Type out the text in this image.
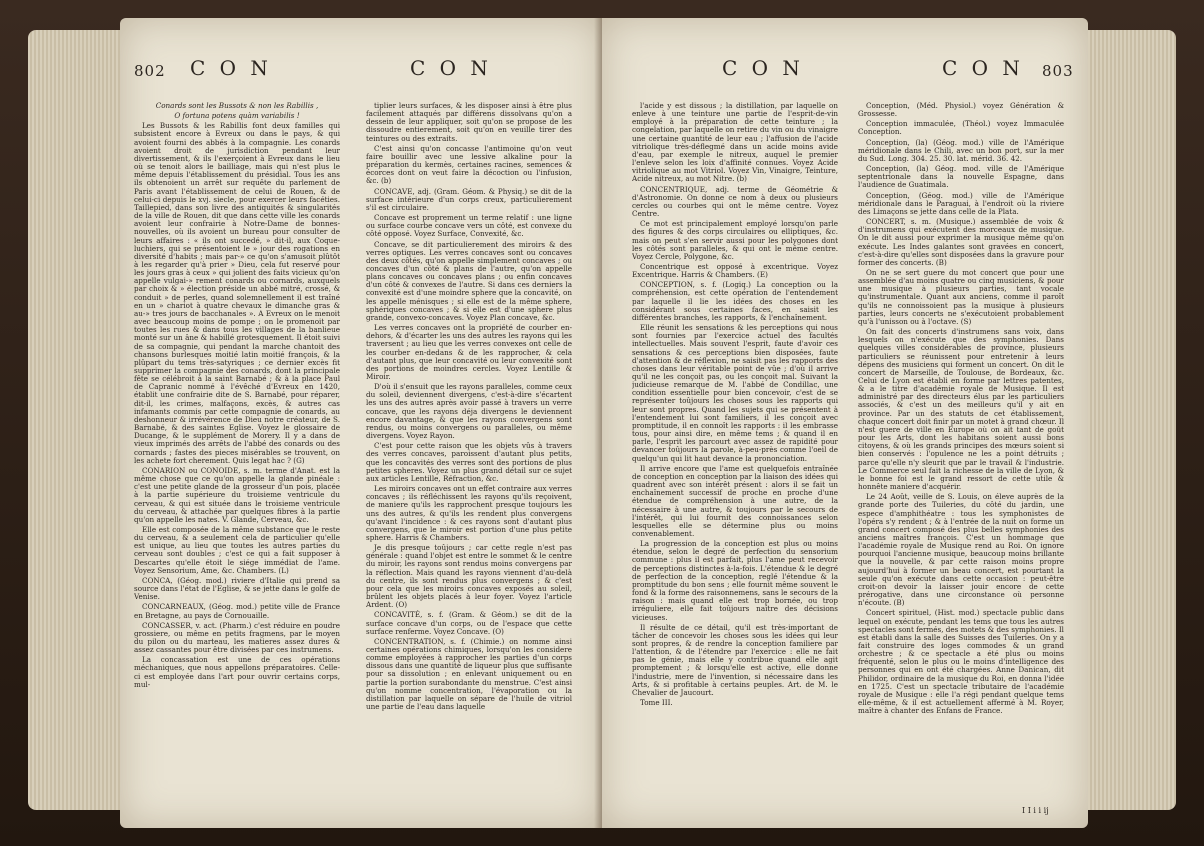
802 C O N	C O N

Conards sont les Bussots & non les Rabillis ,

O fortuna potens quàm variabilis !

Les Bussots & les Rabillis font deux familles qui subsistent encore à Evreux ou dans le pays, & qui avoient fourni des abbés à la compagnie. Les conards avoient droit de jurisdiction pendant leur divertissement, & ils l'exerçoient à Evreux dans le lieu où se tenoit alors le bailliage, mais qui n'est plus le même depuis l'établissement du présidial. Tous les ans ils obtenoient un arrêt sur requête du parlement de Paris avant l'établissement de celui de Rouen, & de celui-ci depuis le xvj. siecle, pour exercer leurs facéties. Taillepied, dans son livre des antiquités & singularités de la ville de Rouen, dit que dans cette ville les conards avoient leur confrairie à Notre-Dame de bonnes-nouvelles, où ils avoient un bureau pour consulter de leurs affaires : « ils ont succedé, » dit-il, aux Coque-luchiers, qui se présentoient le » jour des rogations en diversité d'habits ; mais par-» ce qu'on s'amusoit plûtôt à les regarder qu'à prier » Dieu, cela fut reservé pour les jours gras à ceux » qui jolient des faits vicieux qu'on appelle vulgai-» rement conards ou cornards, auxquels par choix & » élection préside un abbé mitré, crossé, & conduit » de perles, quand solemnellement il est traîné en un » chariot à quatre chevaux le dimanche gras & au-» tres jours de bacchanales ». A Evreux on le menoit avec beaucoup moins de pompe ; on le promenoit par toutes les rues & dans tous les villages de la banlieue monté sur un âne & habillé grotesquement. Il étoit suivi de sa compagnie, qui pendant la marche chantoit des chansons burlesques moitié latin moitié françois, & la plûpart du tems très-satyriques ; ce dernier excès fit supprimer la compagnie des conards, dont la principale fête se célébroit à la saint Barnabé ; & à la place Paul de Capranic nommé à l'évêché d'Evreux en 1420, établit une confrairie dite de S. Barnabé, pour réparer, dit-il, les crimes, malfaçons, excès, & autres cas infamants commis par cette compagnie de conards, au deshonneur & irrévérence de Dieu notre créateur, de S. Barnabé, & des saintes Eglise. Voyez le glossaire de Ducange, & le supplément de Morery. Il y a dans de vieux imprimés des arrêts de l'abbé des conards ou des cornards ; fastes des pieces misérables se trouvent, on les achete fort cherement. Quis legat hac ? (G)

CONARION ou CONOIDE, s. m. terme d'Anat. est la même chose que ce qu'on appelle la glande pinéale : c'est une petite glande de la grosseur d'un pois, placée à la partie supérieure du troisieme ventricule du cerveau, & qui est située dans le troisieme ventricule du cerveau, & attachée par quelques fibres à la partie qu'on appelle les nates. V. Glande, Cerveau, &c.

Elle est composée de la même substance que le reste du cerveau, & a seulement cela de particulier qu'elle est unique, au lieu que toutes les autres parties du cerveau sont doubles ; c'est ce qui a fait supposer à Descartes qu'elle étoit le siége immédiat de l'ame. Voyez Sensorium, Ame, &c. Chambers. (L)

CONCA, (Géog. mod.) riviere d'Italie qui prend sa source dans l'état de l'Eglise, & se jette dans le golfe de Venise.

CONCARNEAUX, (Géog. mod.) petite ville de France en Bretagne, au pays de Cornouaille.

CONCASSER, v. act. (Pharm.) c'est réduire en poudre grossiere, ou même en petits fragmens, par le moyen du pilon ou du marteau, les matieres assez dures & assez cassantes pour être divisées par ces instrumens.

La concassation est une de ces opérations méchaniques, que nous appellons préparatoires. Celle-ci est employée dans l'art pour ouvrir certains corps, mul-

tiplier leurs surfaces, & les disposer ainsi à être plus facilement attaqués par différens dissolvans qu'on a dessein de leur appliquer, soit qu'on se propose de les dissoudre entierement, soit qu'on en veuille tirer des teintures ou des extraits.

C'est ainsi qu'on concasse l'antimoine qu'on veut faire bouillir avec une lessive alkaline pour la préparation du kermès, certaines racines, semences & écorces dont on veut faire la décoction ou l'infusion, &c. (b)

CONCAVE, adj. (Gram. Géom. & Physiq.) se dit de la surface intérieure d'un corps creux, particulierement s'il est circulaire.

Concave est proprement un terme relatif : une ligne ou surface courbe concave vers un côté, est convexe du côté opposé. Voyez Surface, Convexité, &c.

Concave, se dit particulierement des miroirs & des verres optiques. Les verres concaves sont ou concaves des deux côtés, qu'on appelle simplement concaves ; ou concaves d'un côté & plans de l'autre, qu'on appelle plans concaves ou concaves plans ; ou enfin concaves d'un côté & convexes de l'autre. Si dans ces derniers la convexité est d'une moindre sphere que la concavité, on les appelle ménisques ; si elle est de la même sphere, sphériques concaves ; & si elle est d'une sphere plus grande, convexo-concaves. Voyez Plan concave, &c.

Les verres concaves ont la propriété de courber en-dehors, & d'écarter les uns des autres les rayons qui les traversent ; au lieu que les verres convexes ont celle de les courber en-dedans & de les rapprocher, & cela d'autant plus, que leur concavité ou leur convexité sont des portions de moindres cercles. Voyez Lentille & Miroir.

D'où il s'ensuit que les rayons paralleles, comme ceux du soleil, deviennent divergens, c'est-à-dire s'écartent les uns des autres après avoir passé à travers un verre concave, que les rayons déja divergens le deviennent encore davantage, & que les rayons convergens sont rendus, ou moins convergens ou paralleles, ou même divergens. Voyez Rayon.

C'est pour cette raison que les objets vûs à travers des verres concaves, paroissent d'autant plus petits, que les concavités des verres sont des portions de plus petites spheres. Voyez un plus grand détail sur ce sujet aux articles Lentille, Réfraction, &c.

Les miroirs concaves ont un effet contraire aux verres concaves ; ils réfléchissent les rayons qu'ils reçoivent, de maniere qu'ils les rapprochent presque toujours les uns des autres, & qu'ils les rendent plus convergens qu'avant l'incidence : & ces rayons sont d'autant plus convergens, que le miroir est portion d'une plus petite sphere. Harris & Chambers.

Je dis presque toûjours ; car cette regle n'est pas générale : quand l'objet est entre le sommet & le centre du miroir, les rayons sont rendus moins convergens par la réflection. Mais quand les rayons viennent d'au-delà du centre, ils sont rendus plus convergens ; & c'est pour cela que les miroirs concaves exposés au soleil, brûlent les objets placés à leur foyer. Voyez l'article Ardent. (O)

CONCAVITÉ, s. f. (Gram. & Géom.) se dit de la surface concave d'un corps, ou de l'espace que cette surface renferme. Voyez Concave. (O)

CONCENTRATION, s. f. (Chimie.) on nomme ainsi certaines opérations chimiques, lorsqu'on les considere comme employées à rapprocher les parties d'un corps dissous dans une quantité de liqueur plus que suffisante pour sa dissolution ; en enlevant uniquement ou en partie la portion surabondante du menstrue. C'est ainsi qu'on nomme concentration, l'évaporation ou la distillation par laquelle on sépare de l'huile de vitriol une partie de l'eau dans laquelle

C O N	C O N 803

l'acide y est dissous ; la distillation, par laquelle on enleve à une teinture une partie de l'esprit-de-vin employé à la préparation de cette teinture ; la congelation, par laquelle on retire du vin ou du vinaigre une certaine quantité de leur eau ; l'affusion de l'acide vitriolique très-déflegmé dans un acide moins avide d'eau, par exemple le nitreux, auquel le premier l'enleve selon les loix d'affinité connues. Voyez Acide vitriolique au mot Vitriol. Voyez Vin, Vinaigre, Teinture, Acide nitreux, au mot Nitre. (b)

CONCENTRIQUE, adj. terme de Géométrie & d'Astronomie. On donne ce nom à deux ou plusieurs cercles ou courbes qui ont le même centre. Voyez Centre.

Ce mot est principalement employé lorsqu'on parle des figures & des corps circulaires ou elliptiques, &c. mais on peut s'en servir aussi pour les polygones dont les côtés sont paralleles, & qui ont le même centre. Voyez Cercle, Polygone, &c.

Concentrique est opposé à excentrique. Voyez Excentrique. Harris & Chambers. (E)

CONCEPTION, s. f. (Logiq.) La conception ou la compréhension, est cette opération de l'entendement par laquelle il lie les idées des choses en les considérant sous certaines faces, en saisit les différentes branches, les rapports, & l'enchaînement.

Elle réunit les sensations & les perceptions qui nous sont fournies par l'exercice actuel des facultés intellectuelles. Mais souvent l'esprit, faute d'avoir ces sensations & ces perceptions bien disposées, faute d'attention & de réflexion, ne saisit pas les rapports des choses dans leur véritable point de vûe ; d'où il arrive qu'il ne les conçoit pas, ou les conçoit mal. Suivant la judicieuse remarque de M. l'abbé de Condillac, une condition essentielle pour bien concevoir, c'est de se représenter toûjours les choses sous les rapports qui leur sont propres. Quand les sujets qui se présentent à l'entendement lui sont familiers, il les conçoit avec promptitude, il en connoît les rapports : il les embrasse tous, pour ainsi dire, en même tems ; & quand il en parle, l'esprit les parcourt avec assez de rapidité pour devancer toûjours la parole, à-peu-près comme l'oeil de quelqu'un qui lit haut devance la prononciation.

Il arrive encore que l'ame est quelquefois entraînée de conception en conception par la liaison des idées qui quadrent avec son intérêt présent : alors il se fait un enchaînement successif de proche en proche d'une étendue de compréhension à une autre, de la nécessaire à une autre, & toujours par le secours de l'intérêt, qui lui fournit des connoissances selon lesquelles elle se détermine plus ou moins convenablement.

La progression de la conception est plus ou moins étendue, selon le degré de perfection du sensorium commune : plus il est parfait, plus l'ame peut recevoir de perceptions distinctes à-la-fois. L'étendue & le degré de perfection de la conception, reglé l'étendue & la promptitude du bon sens ; elle fournit même souvent le fond & la forme des raisonnemens, sans le secours de la raison : mais quand elle est trop bornée, ou trop irréguliere, elle fait toûjours naître des décisions vicieuses.

Il résulte de ce détail, qu'il est très-important de tâcher de concevoir les choses sous les idées qui leur sont propres, & de rendre la conception familiere par l'attention, & de l'étendre par l'exercice : elle ne fait pas le génie, mais elle y contribue quand elle agit promptement ; & lorsqu'elle est active, elle donne l'industrie, mere de l'invention, si nécessaire dans les Arts, & si profitable à certains peuples. Art. de M. le Chevalier de Jaucourt.

Tome III.

Conception, (Méd. Physiol.) voyez Génération & Grossesse.

Conception immaculée, (Théol.) voyez Immaculée Conception.

Conception, (la) (Géog. mod.) ville de l'Amérique méridionale dans le Chili, avec un bon port, sur la mer du Sud. Long. 304. 25. 30. lat. mérid. 36. 42.

Conception, (la) Géog. mod. ville de l'Amérique septentrionale dans la nouvelle Espagne, dans l'audience de Guatimala.

Conception, (Géog. mod.) ville de l'Amérique méridionale dans le Paraguai, à l'endroit où la riviere des Limaçons se jette dans celle de la Plata.

CONCERT, s. m. (Musique.) assemblée de voix & d'instrumens qui exécutent des morceaux de musique. On le dit aussi pour exprimer la musique même qu'on exécute. Les Indes galantes sont gravées en concert, c'est-à-dire qu'elles sont disposées dans la gravure pour former des concerts. (B)

On ne se sert guere du mot concert que pour une assemblée d'au moins quatre ou cinq musiciens, & pour une musique à plusieurs parties, tant vocale qu'instrumentale. Quant aux anciens, comme il paroît qu'ils ne connoissoient pas la musique à plusieurs parties, leurs concerts ne s'exécutoient probablement qu'à l'unisson ou à l'octave. (S)

On fait des concerts d'instrumens sans voix, dans lesquels on n'exécute que des symphonies. Dans quelques villes considérables de province, plusieurs particuliers se réunissent pour entretenir à leurs dépens des musiciens qui forment un concert. On dit le concert de Marseille, de Toulouse, de Bordeaux, &c. Celui de Lyon est établi en forme par lettres patentes, & a le titre d'académie royale de Musique. Il est administré par des directeurs élus par les particuliers associés, & c'est un des meilleurs qu'il y ait en province. Par un des statuts de cet établissement, chaque concert doit finir par un motet à grand chœur. Il n'est guere de ville en Europe où on ait tant de goût pour les Arts, dont les habitans soient aussi bons citoyens, & où les grands principes des mœurs soient si bien conservés : l'opulence ne les a point détruits ; parce qu'elle n'y sleurit que par le travail & l'industrie. Le Commerce seul fait la richesse de la ville de Lyon, & le bonne foi est le grand ressort de cette utile & honnête maniere d'acquérir.

Le 24 Août, veille de S. Louis, on éleve auprès de la grande porte des Tuileries, du côté du jardin, une espece d'amphithéatre : tous les symphonistes de l'opéra s'y rendent ; & à l'entrée de la nuit on forme un grand concert composé des plus belles symphonies des anciens maîtres françois. C'est un hommage que l'académie royale de Musique rend au Roi. On ignore pourquoi l'ancienne musique, beaucoup moins brillante que la nouvelle, & par cette raison moins propre aujourd'hui à former un beau concert, est pourtant la seule qu'on exécute dans cette occasion : peut-être croit-on devoir la laisser jouir encore de cette prérogative, dans une circonstance où personne n'écoute. (B)

Concert spirituel, (Hist. mod.) spectacle public dans lequel on exécute, pendant les tems que tous les autres spectacles sont fermés, des motets & des symphonies. Il est établi dans la salle des Suisses des Tuileries. On y a fait construire des loges commodes & un grand orchestre ; & ce spectacle a été plus ou moins fréquenté, selon le plus ou le moins d'intelligence des personnes qui en ont été chargées. Anne Danican, dit Philidor, ordinaire de la musique du Roi, en donna l'idée en 1725. C'est un spectacle tributaire de l'académie royale de Musique : elle l'a régi pendant quelque tems elle-même, & il est actuellement affermé à M. Royer, maître à chanter des Enfans de France.

I I i i ij
